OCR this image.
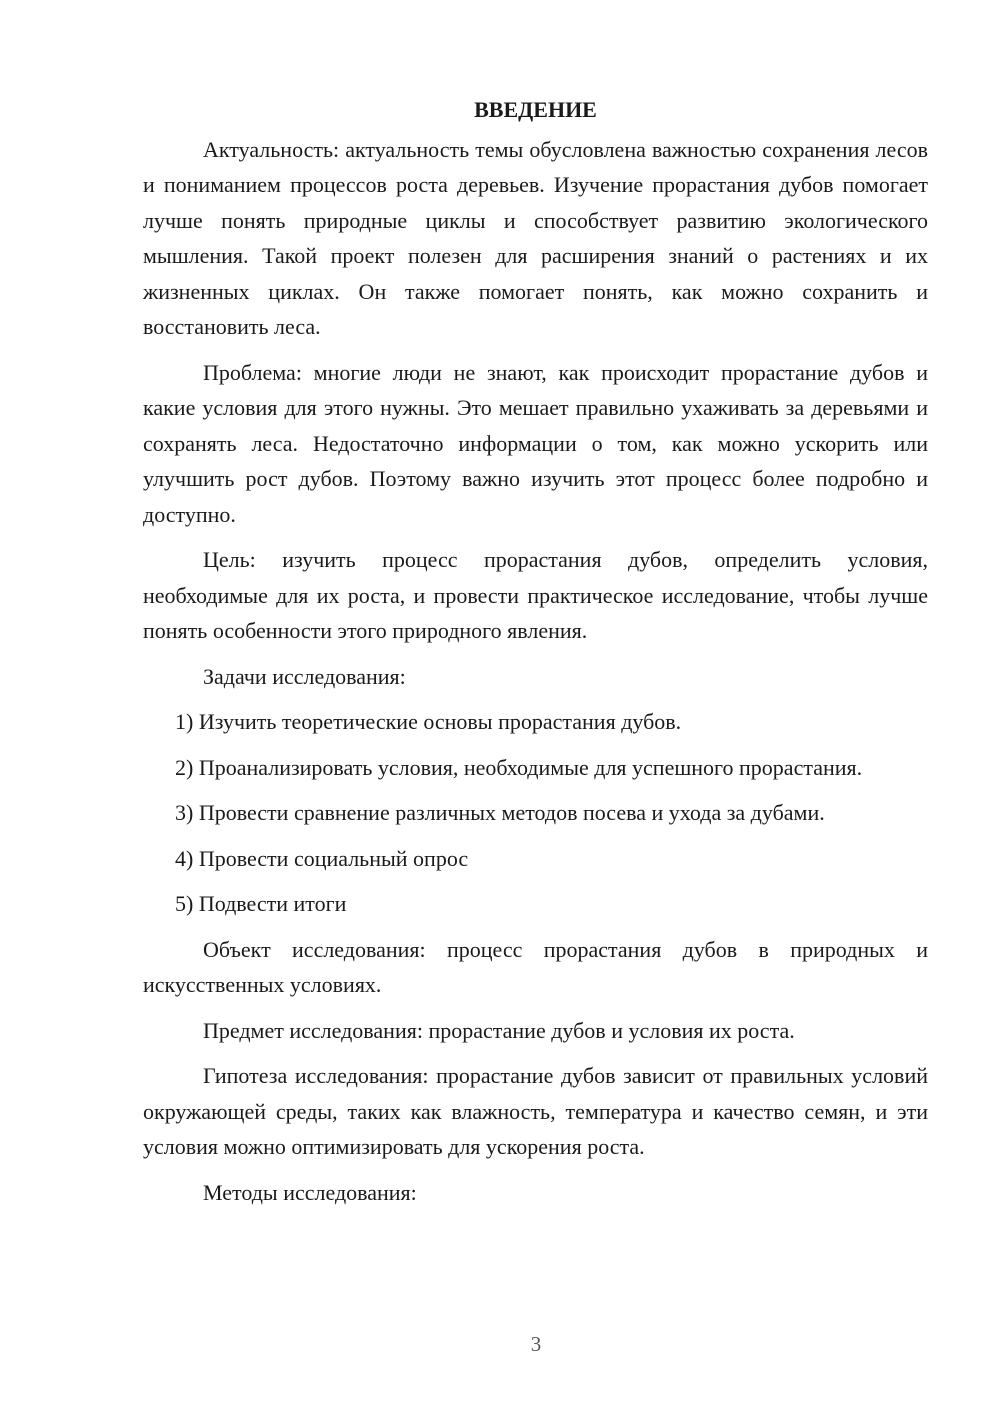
ВВЕДЕНИЕ

Актуальность: актуальность темы обусловлена важностью сохранения лесов и пониманием процессов роста деревьев. Изучение прорастания дубов помогает лучше понять природные циклы и способствует развитию экологического мышления. Такой проект полезен для расширения знаний о растениях и их жизненных циклах. Он также помогает понять, как можно сохранить и восстановить леса.

Проблема: многие люди не знают, как происходит прорастание дубов и какие условия для этого нужны. Это мешает правильно ухаживать за деревьями и сохранять леса. Недостаточно информации о том, как можно ускорить или улучшить рост дубов. Поэтому важно изучить этот процесс более подробно и доступно.

Цель: изучить процесс прорастания дубов, определить условия, необходимые для их роста, и провести практическое исследование, чтобы лучше понять особенности этого природного явления.

Задачи исследования:

1) Изучить теоретические основы прорастания дубов.

2) Проанализировать условия, необходимые для успешного прорастания.

3) Провести сравнение различных методов посева и ухода за дубами.

4) Провести социальный опрос

5) Подвести итоги

Объект исследования: процесс прорастания дубов в природных и искусственных условиях.

Предмет исследования: прорастание дубов и условия их роста.

Гипотеза исследования: прорастание дубов зависит от правильных условий окружающей среды, таких как влажность, температура и качество семян, и эти условия можно оптимизировать для ускорения роста.

Методы исследования:

3
